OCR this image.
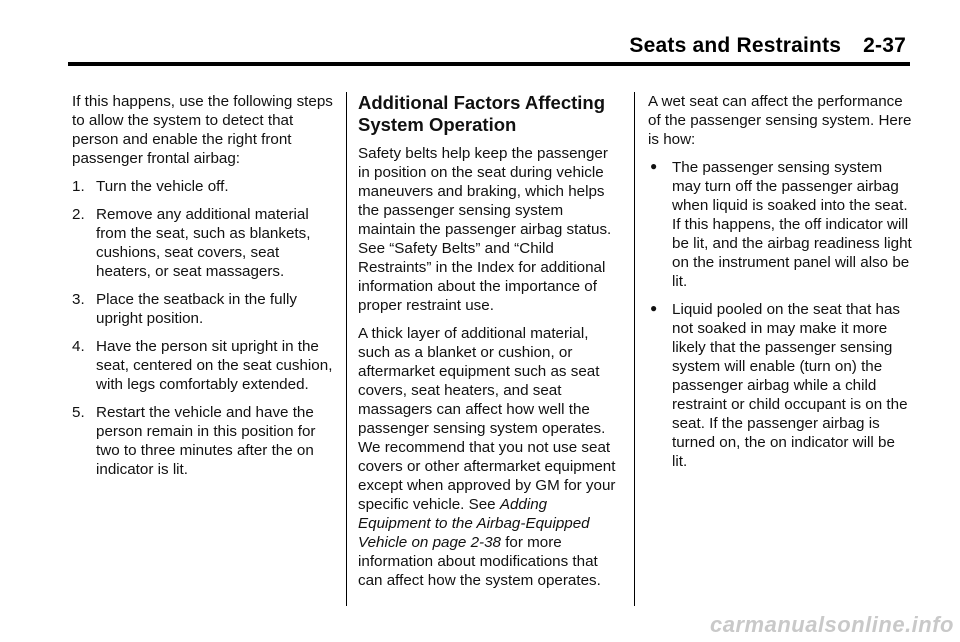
Seats and Restraints 2-37

If this happens, use the following steps to allow the system to detect that person and enable the right front passenger frontal airbag:

1. Turn the vehicle off.
2. Remove any additional material from the seat, such as blankets, cushions, seat covers, seat heaters, or seat massagers.
3. Place the seatback in the fully upright position.
4. Have the person sit upright in the seat, centered on the seat cushion, with legs comfortably extended.
5. Restart the vehicle and have the person remain in this position for two to three minutes after the on indicator is lit.
Additional Factors Affecting System Operation

Safety belts help keep the passenger in position on the seat during vehicle maneuvers and braking, which helps the passenger sensing system maintain the passenger airbag status. See “Safety Belts” and “Child Restraints” in the Index for additional information about the importance of proper restraint use.

A thick layer of additional material, such as a blanket or cushion, or aftermarket equipment such as seat covers, seat heaters, and seat massagers can affect how well the passenger sensing system operates. We recommend that you not use seat covers or other aftermarket equipment except when approved by GM for your specific vehicle. See Adding Equipment to the Airbag-Equipped Vehicle on page 2-38 for more information about modifications that can affect how the system operates.

A wet seat can affect the performance of the passenger sensing system. Here is how:

● The passenger sensing system may turn off the passenger airbag when liquid is soaked into the seat. If this happens, the off indicator will be lit, and the airbag readiness light on the instrument panel will also be lit.
● Liquid pooled on the seat that has not soaked in may make it more likely that the passenger sensing system will enable (turn on) the passenger airbag while a child restraint or child occupant is on the seat. If the passenger airbag is turned on, the on indicator will be lit.
carmanualsonline.info
